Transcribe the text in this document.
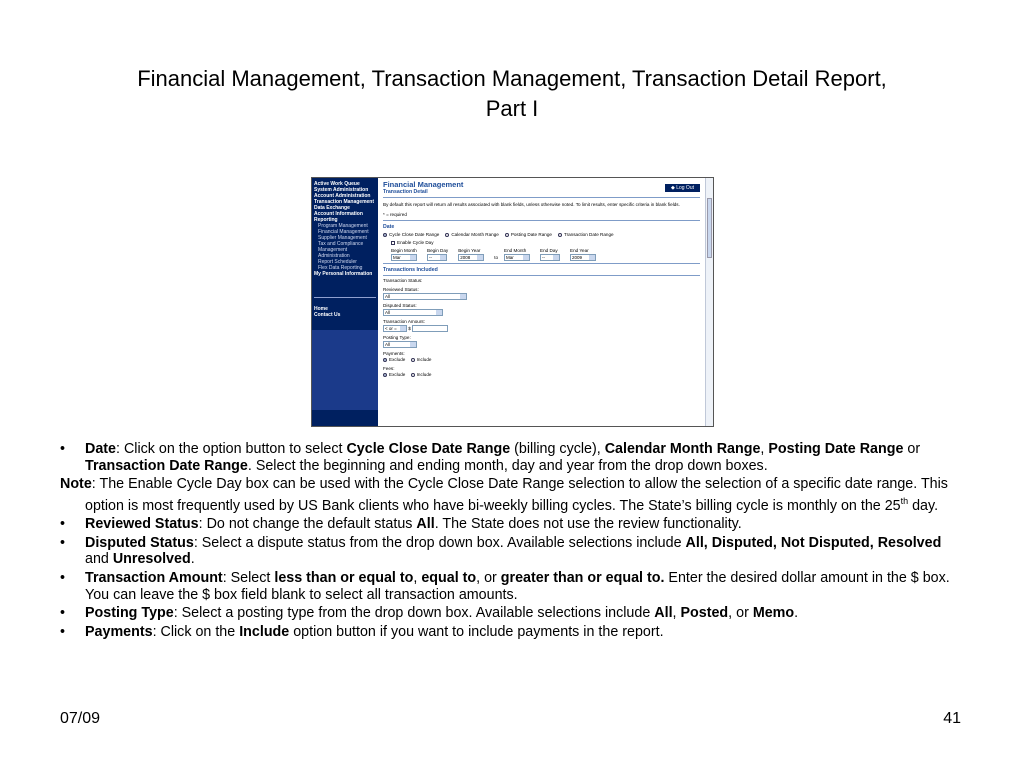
Financial Management, Transaction Management, Transaction Detail Report,
Part I
Active Work Queue
System Administration
Account Administration
Transaction Management
Data Exchange
Account Information
Reporting
Program Management
Financial Management
Supplier Management
Tax and Compliance
Management
Administration
Report Scheduler
Flex Data Reporting
My Personal Information
Home
Contact Us
Financial Management
Transaction Detail
◆ Log Out
By default this report will return all results associated with blank fields, unless otherwise noted. To limit results, enter specific criteria in blank fields.
* = required
Date
Cycle Close Date Range	Calendar Month Range	Posting Date Range	Transaction Date Range
Enable Cycle Day
Begin Month
Mar
Begin Day
--
Begin Year
2008	to
End Month
Mar
End Day
--
End Year
2009
Transactions Included
Transaction Status:
Reviewed Status:
All
Disputed Status:
All
Transaction Amount:
< or =	$
Posting Type:
All
Payments:
Exclude Include
Fees:
Exclude Include
• Date: Click on the option button to select Cycle Close Date Range (billing cycle), Calendar Month Range, Posting Date Range or Transaction Date Range. Select the beginning and ending month, day and year from the drop down boxes.
Note: The Enable Cycle Day box can be used with the Cycle Close Date Range selection to allow the selection of a specific date range. This option is most frequently used by US Bank clients who have bi-weekly billing cycles. The State’s billing cycle is monthly on the 25th day.
• Reviewed Status: Do not change the default status All. The State does not use the review functionality.
• Disputed Status: Select a dispute status from the drop down box. Available selections include All, Disputed, Not Disputed, Resolved and Unresolved.
• Transaction Amount: Select less than or equal to, equal to, or greater than or equal to. Enter the desired dollar amount in the $ box. You can leave the $ box field blank to select all transaction amounts.
• Posting Type: Select a posting type from the drop down box. Available selections include All, Posted, or Memo.
• Payments: Click on the Include option button if you want to include payments in the report.
07/09	41
